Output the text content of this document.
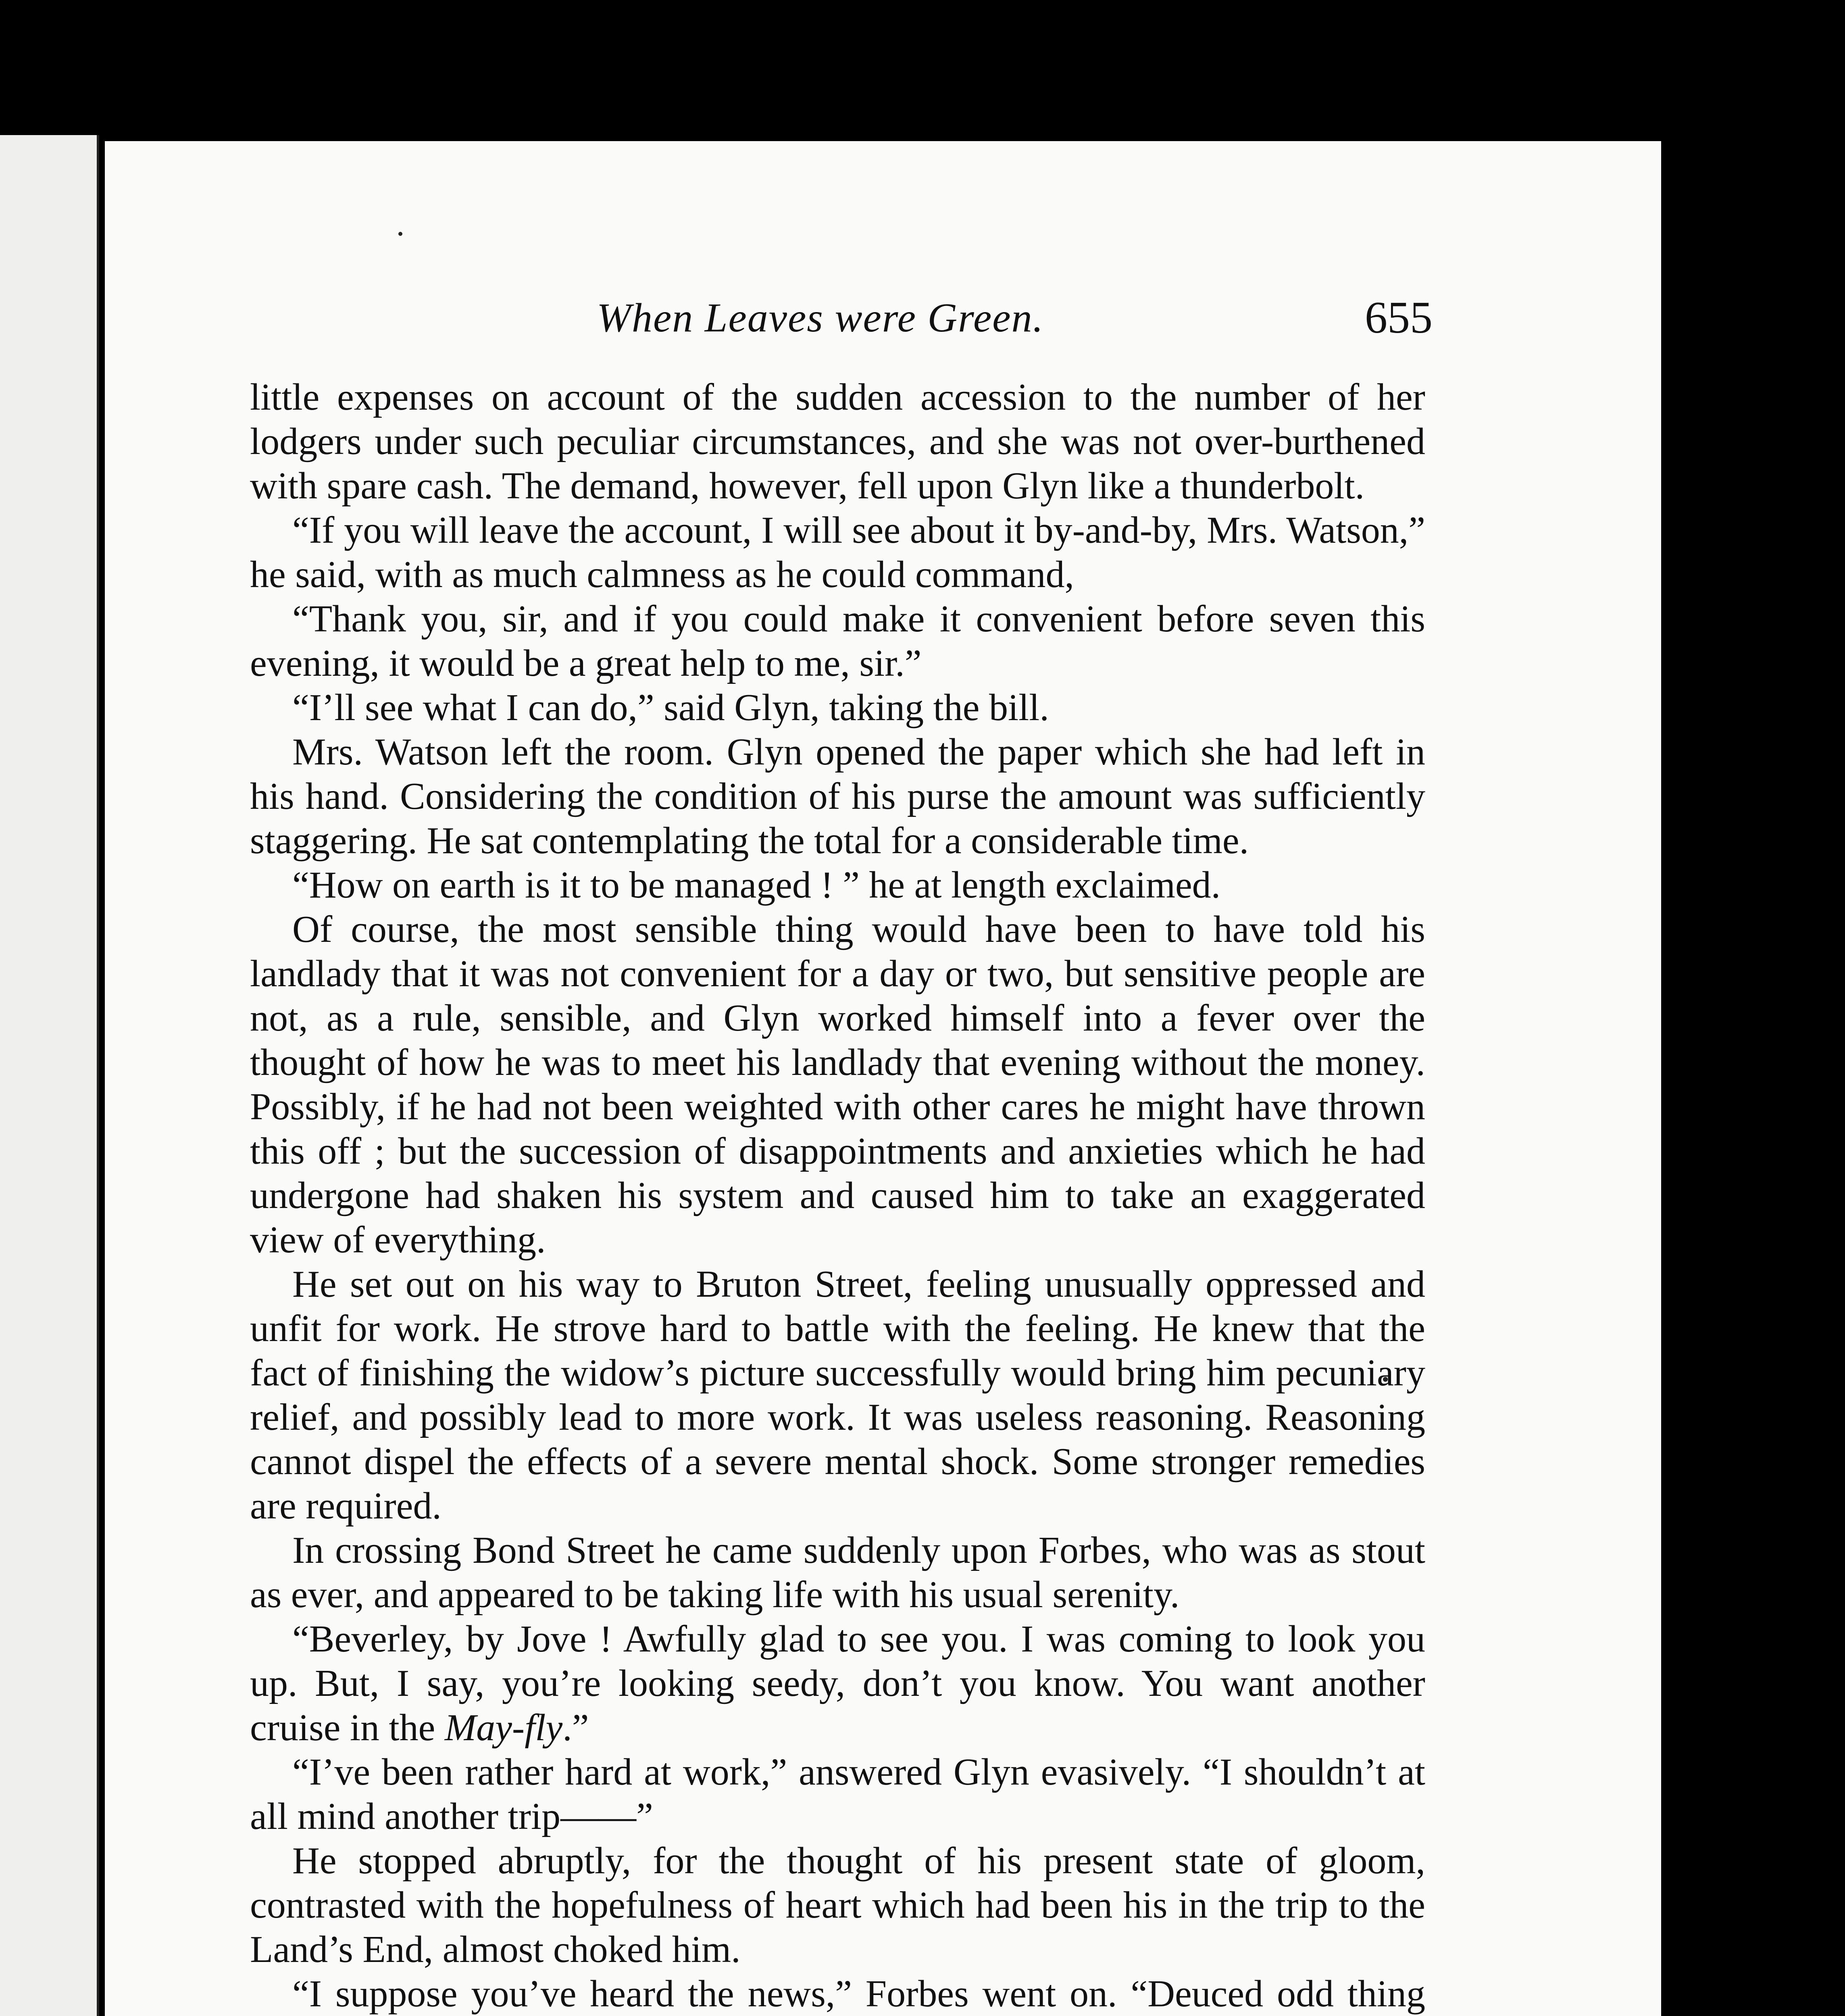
When Leaves were Green.	655

little expenses on account of the sudden accession to the number of her lodgers under such peculiar circumstances, and she was not over-burthened with spare cash. The demand, however, fell upon Glyn like a thunderbolt.

“If you will leave the account, I will see about it by-and-by, Mrs. Watson,” he said, with as much calmness as he could command,

“Thank you, sir, and if you could make it convenient before seven this evening, it would be a great help to me, sir.”

“I’ll see what I can do,” said Glyn, taking the bill.

Mrs. Watson left the room. Glyn opened the paper which she had left in his hand. Considering the condition of his purse the amount was sufficiently staggering. He sat contemplating the total for a considerable time.

“How on earth is it to be managed ! ” he at length exclaimed.

Of course, the most sensible thing would have been to have told his landlady that it was not convenient for a day or two, but sensitive people are not, as a rule, sensible, and Glyn worked himself into a fever over the thought of how he was to meet his landlady that evening without the money. Possibly, if he had not been weighted with other cares he might have thrown this off ; but the succession of disappointments and anxieties which he had undergone had shaken his system and caused him to take an exaggerated view of everything.

He set out on his way to Bruton Street, feeling unusually oppressed and unfit for work. He strove hard to battle with the feeling. He knew that the fact of finishing the widow’s picture successfully would bring him pecuniary relief, and possibly lead to more work. It was useless reasoning. Reasoning cannot dispel the effects of a severe mental shock. Some stronger remedies are required.

In crossing Bond Street he came suddenly upon Forbes, who was as stout as ever, and appeared to be taking life with his usual serenity.

“Beverley, by Jove ! Awfully glad to see you. I was coming to look you up. But, I say, you’re looking seedy, don’t you know. You want another cruise in the May-fly.”

“I’ve been rather hard at work,” answered Glyn evasively. “I shouldn’t at all mind another trip——”

He stopped abruptly, for the thought of his present state of gloom, contrasted with the hopefulness of heart which had been his in the trip to the Land’s End, almost choked him.

“I suppose you’ve heard the news,” Forbes went on. “Deuced odd thing
